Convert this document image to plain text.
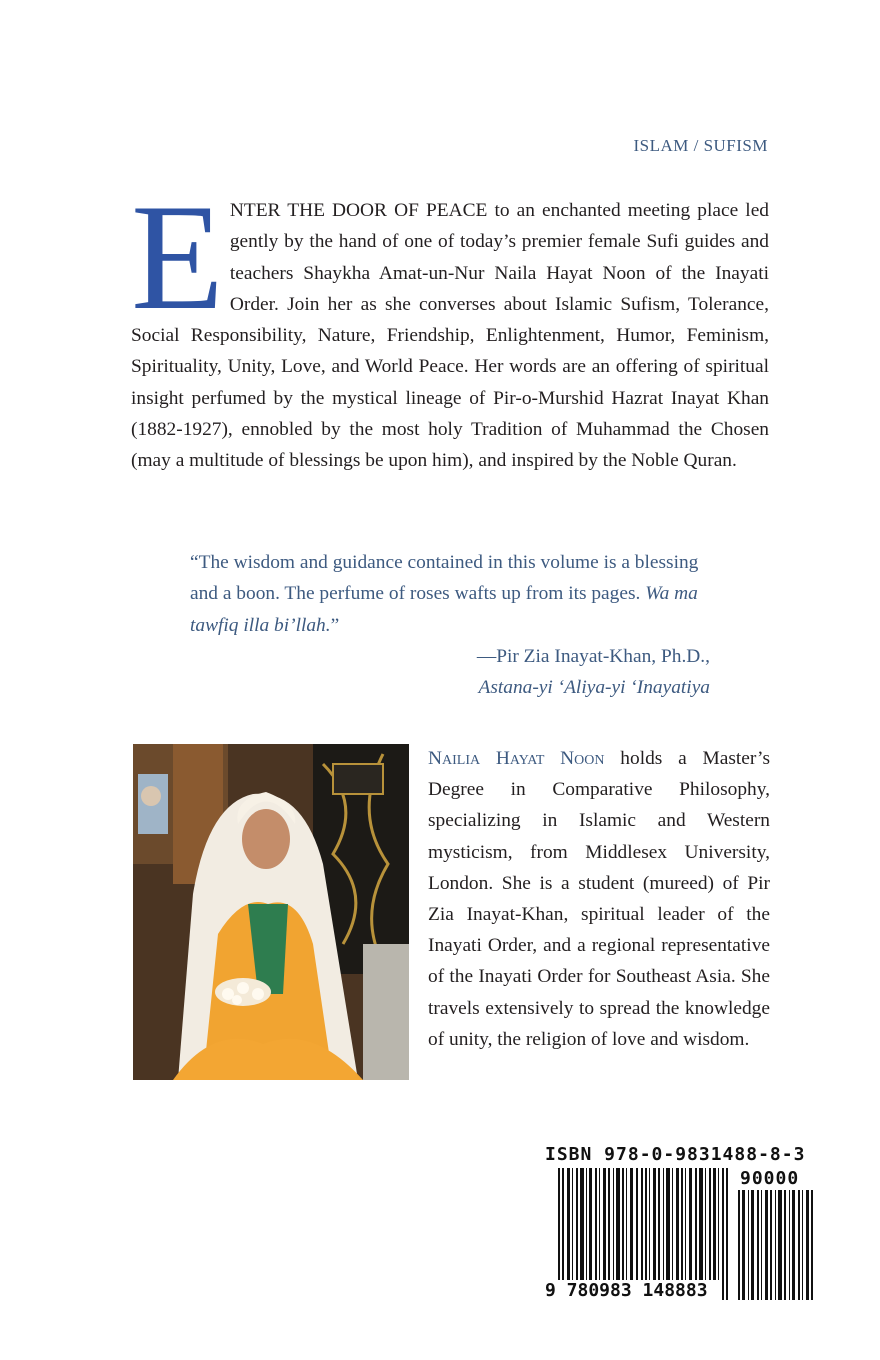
ISLAM / SUFISM
ENTER THE DOOR OF PEACE to an enchanted meeting place led gently by the hand of one of today’s premier female Sufi guides and teachers Shaykha Amat-un-Nur Naila Hayat Noon of the Inayati Order. Join her as she converses about Islamic Sufism, Tolerance, Social Responsibility, Nature, Friendship, Enlightenment, Humor, Feminism, Spirituality, Unity, Love, and World Peace. Her words are an offering of spiritual insight perfumed by the mystical lineage of Pir-o-Murshid Hazrat Inayat Khan (1882-1927), ennobled by the most holy Tradition of Muhammad the Chosen (may a multitude of blessings be upon him), and inspired by the Noble Quran.
“The wisdom and guidance contained in this volume is a blessing and a boon. The perfume of roses wafts up from its pages. Wa ma tawfiq illa bi’llah.”
—Pir Zia Inayat-Khan, Ph.D.,
Astana-yi ‘Aliya-yi ‘Inayatiya
Nailia Hayat Noon holds a Master’s Degree in Comparative Philosophy, specializing in Islamic and Western mysticism, from Middlesex University, London. She is a student (mureed) of Pir Zia Inayat-Khan, spiritual leader of the Inayati Order, and a regional representative of the Inayati Order for Southeast Asia. She travels extensively to spread the knowledge of unity, the religion of love and wisdom.
ISBN 978-0-9831488-8-3
90000
9 780983 148883
